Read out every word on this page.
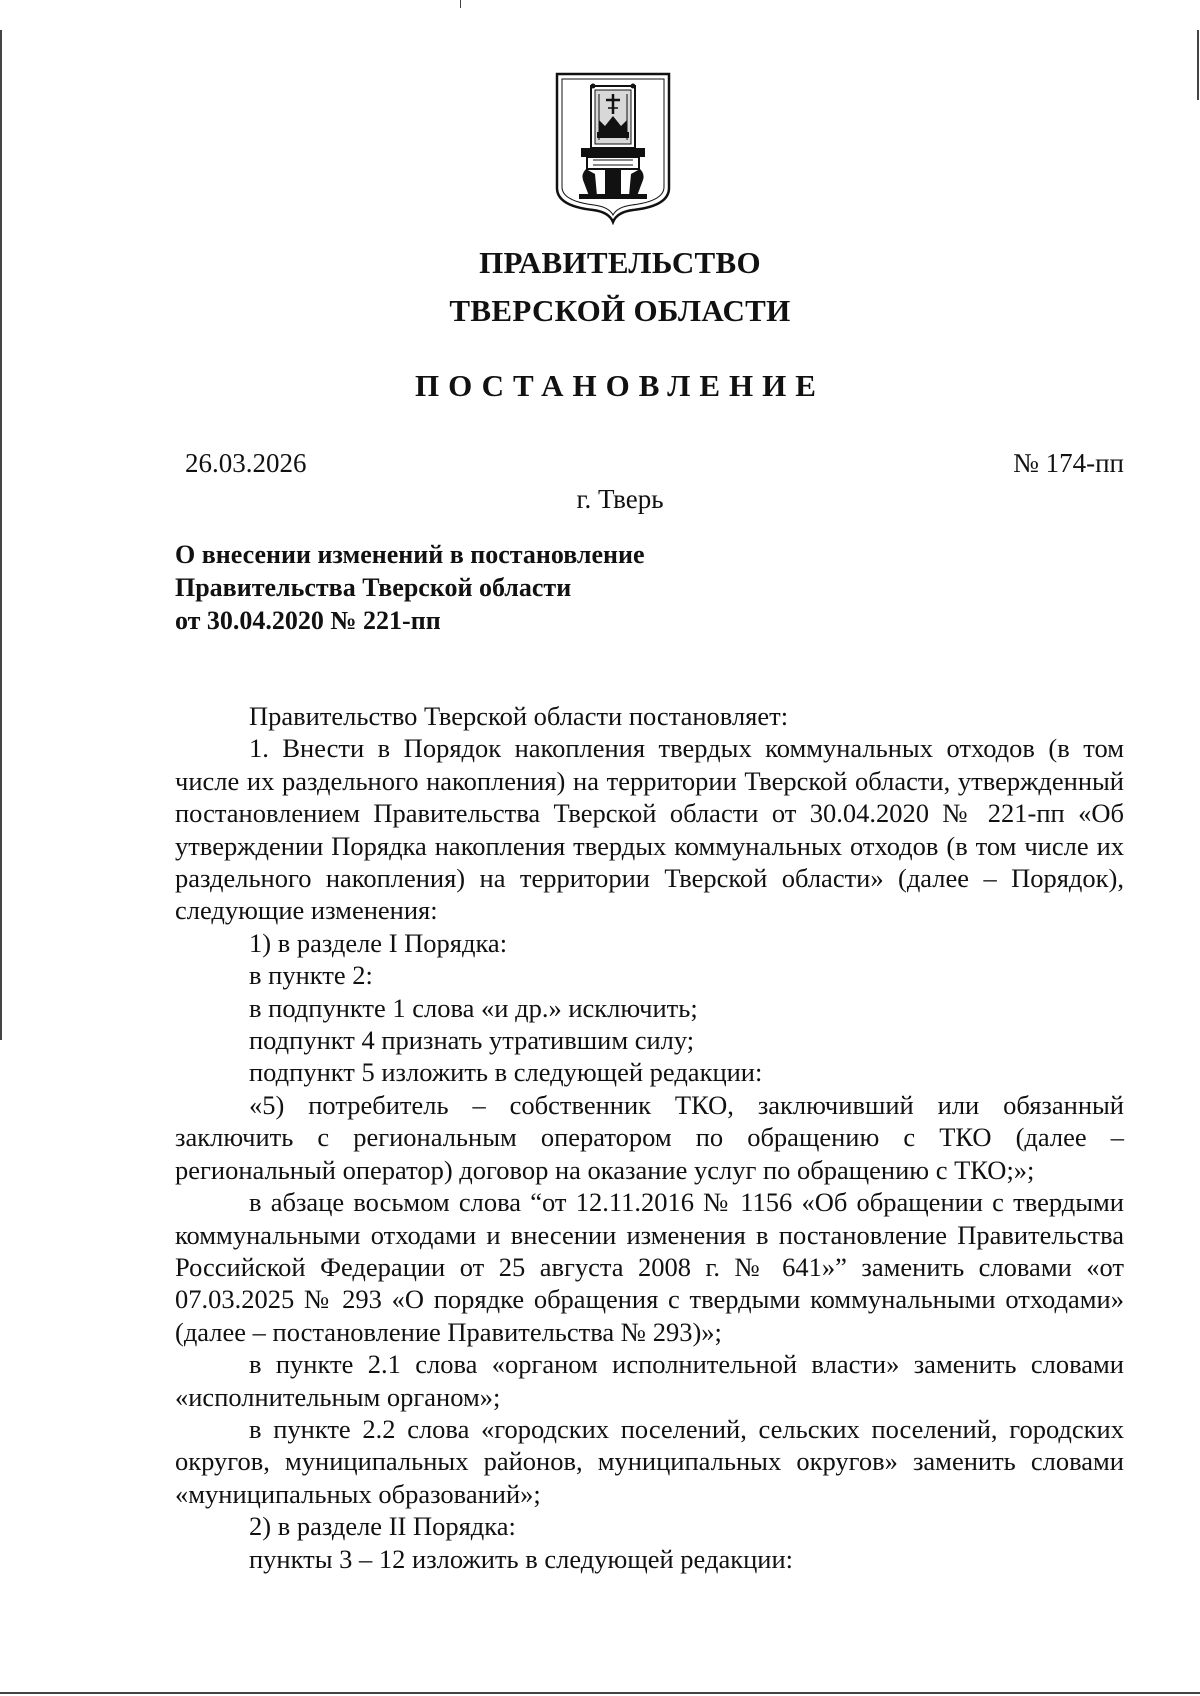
ПРАВИТЕЛЬСТВО
ТВЕРСКОЙ ОБЛАСТИ
ПОСТАНОВЛЕНИЕ
26.03.2026	№ 174-пп
г. Тверь
О внесении изменений в постановление
Правительства Тверской области
от 30.04.2020 № 221-пп

Правительство Тверской области постановляет:

1. Внести в Порядок накопления твердых коммунальных отходов (в том числе их раздельного накопления) на территории Тверской области, утвержденный постановлением Правительства Тверской области от 30.04.2020 № 221-пп «Об утверждении Порядка накопления твердых коммунальных отходов (в том числе их раздельного накопления) на территории Тверской области» (далее – Порядок), следующие изменения:

1) в разделе I Порядка:

в пункте 2:

в подпункте 1 слова «и др.» исключить;

подпункт 4 признать утратившим силу;

подпункт 5 изложить в следующей редакции:

«5) потребитель – собственник ТКО, заключивший или обязанный заключить с региональным оператором по обращению с ТКО (далее – региональный оператор) договор на оказание услуг по обращению с ТКО;»;

в абзаце восьмом слова “от 12.11.2016 № 1156 «Об обращении с твердыми коммунальными отходами и внесении изменения в постановление Правительства Российской Федерации от 25 августа 2008 г. № 641»” заменить словами «от 07.03.2025 № 293 «О порядке обращения с твердыми коммунальными отходами» (далее – постановление Правительства № 293)»;

в пункте 2.1 слова «органом исполнительной власти» заменить словами «исполнительным органом»;

в пункте 2.2 слова «городских поселений, сельских поселений, городских округов, муниципальных районов, муниципальных округов» заменить словами «муниципальных образований»;

2) в разделе II Порядка:

пункты 3 – 12 изложить в следующей редакции:
